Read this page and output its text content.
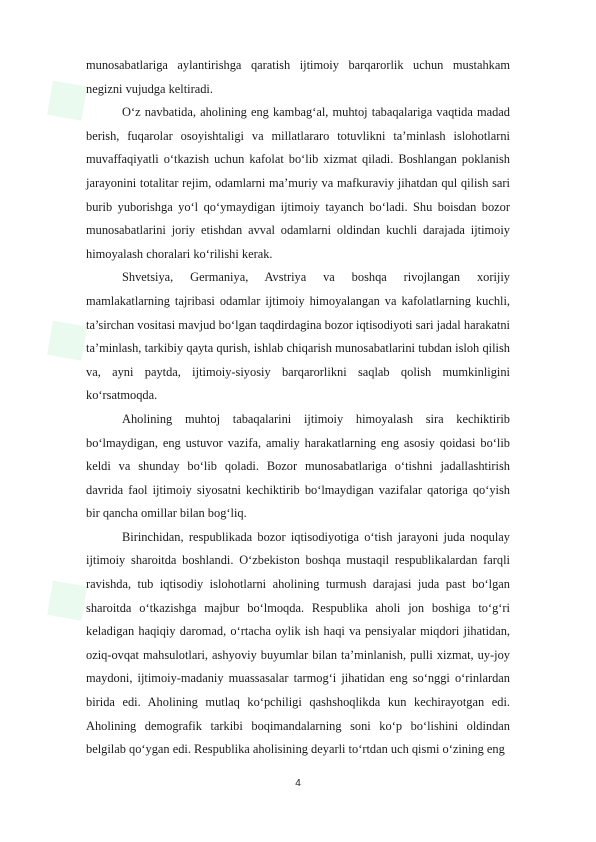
◆
◆
◆

munosabatlariga aylantirishga qaratish ijtimoiy barqarorlik uchun mustahkam negizni vujudga keltiradi.

O‘z navbatida, aholining eng kambag‘al, muhtoj tabaqalariga vaqtida madad berish, fuqarolar osoyishtaligi va millatlararo totuvlikni ta’minlash islohotlarni muvaffaqiyatli o‘tkazish uchun kafolat bo‘lib xizmat qiladi. Boshlangan poklanish jarayonini totalitar rejim, odamlarni ma’muriy va mafkuraviy jihatdan qul qilish sari burib yuborishga yo‘l qo‘ymaydigan ijtimoiy tayanch bo‘ladi. Shu boisdan bozor munosabatlarini joriy etishdan avval odamlarni oldindan kuchli darajada ijtimoiy himoyalash choralari ko‘rilishi kerak.

Shvetsiya, Germaniya, Avstriya va boshqa rivojlangan xorijiy mamlakatlarning tajribasi odamlar ijtimoiy himoyalangan va kafolatlarning kuchli, ta’sirchan vositasi mavjud bo‘lgan taqdirdagina bozor iqtisodiyoti sari jadal harakatni ta’minlash, tarkibiy qayta qurish, ishlab chiqarish munosabatlarini tubdan isloh qilish va, ayni paytda, ijtimoiy-siyosiy barqarorlikni saqlab qolish mumkinligini ko‘rsatmoqda.

Aholining muhtoj tabaqalarini ijtimoiy himoyalash sira kechiktirib bo‘lmaydigan, eng ustuvor vazifa, amaliy harakatlarning eng asosiy qoidasi bo‘lib keldi va shunday bo‘lib qoladi. Bozor munosabatlariga o‘tishni jadallashtirish davrida faol ijtimoiy siyosatni kechiktirib bo‘lmaydigan vazifalar qatoriga qo‘yish bir qancha omillar bilan bog‘liq.

Birinchidan, respublikada bozor iqtisodiyotiga o‘tish jarayoni juda noqulay ijtimoiy sharoitda boshlandi. O‘zbekiston boshqa mustaqil respublikalardan farqli ravishda, tub iqtisodiy islohotlarni aholining turmush darajasi juda past bo‘lgan sharoitda o‘tkazishga majbur bo‘lmoqda. Respublika aholi jon boshiga to‘g‘ri keladigan haqiqiy daromad, o‘rtacha oylik ish haqi va pensiyalar miqdori jihatidan, oziq-ovqat mahsulotlari, ashyoviy buyumlar bilan ta’minlanish, pulli xizmat, uy-joy maydoni, ijtimoiy-madaniy muassasalar tarmog‘i jihatidan eng so‘nggi o‘rinlardan birida edi. Aholining mutlaq ko‘pchiligi qashshoqlikda kun kechirayotgan edi. Aholining demografik tarkibi boqimandalarning soni ko‘p bo‘lishini oldindan belgilab qo‘ygan edi. Respublika aholisining deyarli to‘rtdan uch qismi o‘zining eng

4
